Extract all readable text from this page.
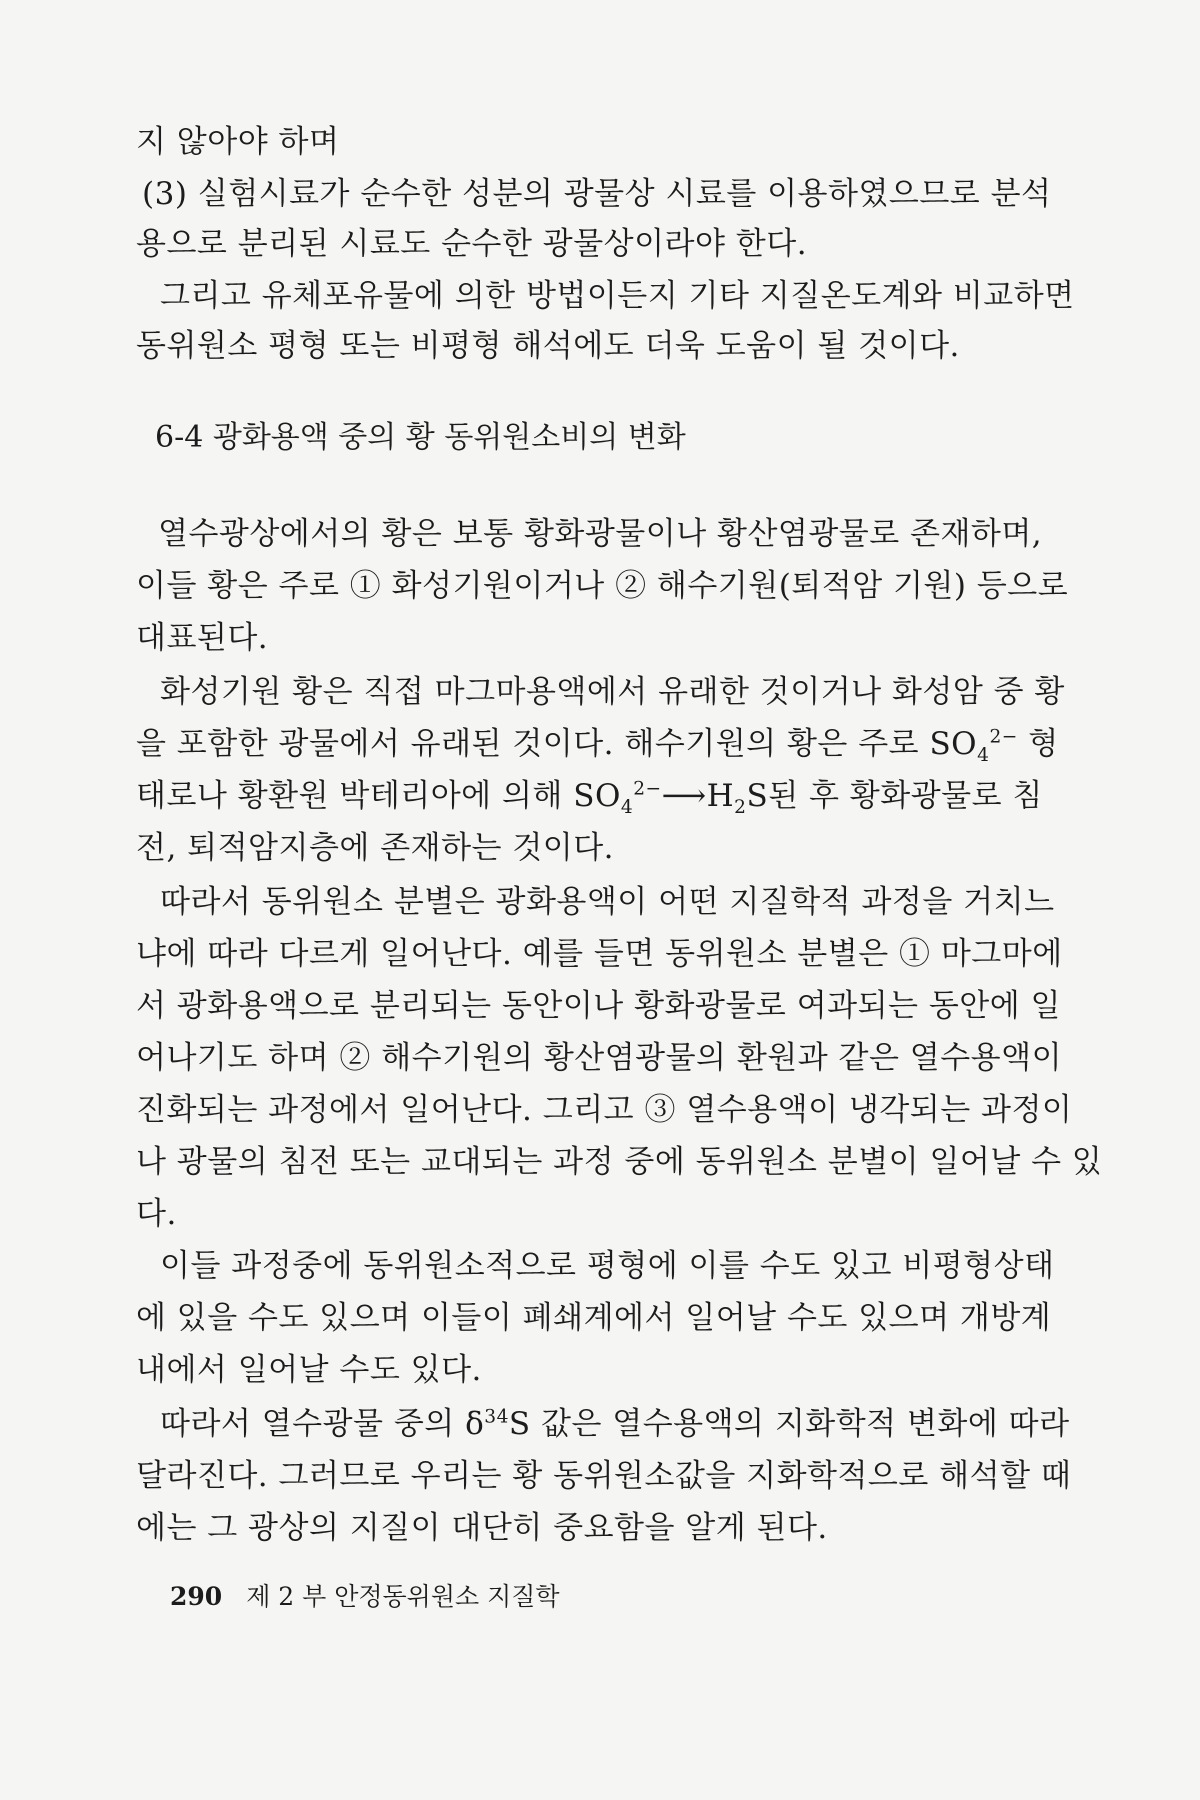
지 않아야 하며
(3) 실험시료가 순수한 성분의 광물상 시료를 이용하였으므로 분석
용으로 분리된 시료도 순수한 광물상이라야 한다.
그리고 유체포유물에 의한 방법이든지 기타 지질온도계와 비교하면
동위원소 평형 또는 비평형 해석에도 더욱 도움이 될 것이다.
6-4 광화용액 중의 황 동위원소비의 변화
열수광상에서의 황은 보통 황화광물이나 황산염광물로 존재하며,
이들 황은 주로 ① 화성기원이거나 ② 해수기원(퇴적암 기원) 등으로
대표된다.
화성기원 황은 직접 마그마용액에서 유래한 것이거나 화성암 중 황
을 포함한 광물에서 유래된 것이다. 해수기원의 황은 주로 $SO_4^{2-}$ 형
태로나 황환원 박테리아에 의해 $SO_4^{2-}⟶H_2S$된 후 황화광물로 침
전, 퇴적암지층에 존재하는 것이다.
따라서 동위원소 분별은 광화용액이 어떤 지질학적 과정을 거치느
냐에 따라 다르게 일어난다. 예를 들면 동위원소 분별은 ① 마그마에
서 광화용액으로 분리되는 동안이나 황화광물로 여과되는 동안에 일
어나기도 하며 ② 해수기원의 황산염광물의 환원과 같은 열수용액이
진화되는 과정에서 일어난다. 그리고 ③ 열수용액이 냉각되는 과정이
나 광물의 침전 또는 교대되는 과정 중에 동위원소 분별이 일어날 수 있
다.
이들 과정중에 동위원소적으로 평형에 이를 수도 있고 비평형상태
에 있을 수도 있으며 이들이 폐쇄계에서 일어날 수도 있으며 개방계
내에서 일어날 수도 있다.
따라서 열수광물 중의 $\delta^{34}S$ 값은 열수용액의 지화학적 변화에 따라
달라진다. 그러므로 우리는 황 동위원소값을 지화학적으로 해석할 때
에는 그 광상의 지질이 대단히 중요함을 알게 된다.
290 제 2 부 안정동위원소 지질학
